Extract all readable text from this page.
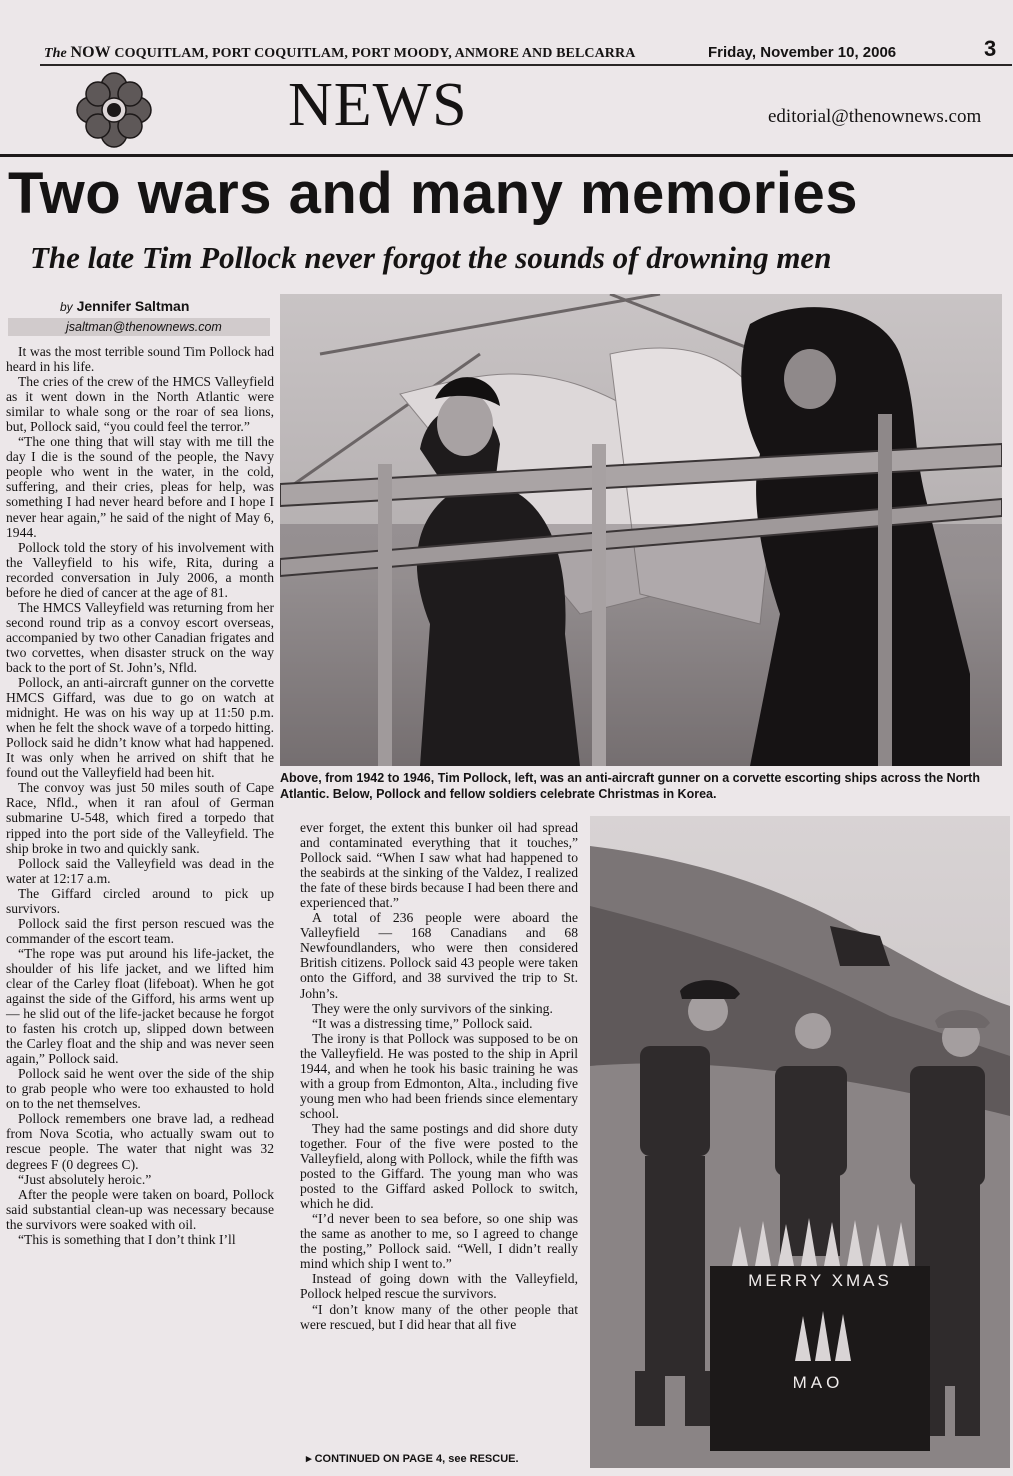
The NOW COQUITLAM, PORT COQUITLAM, PORT MOODY, ANMORE AND BELCARRA	Friday, November 10, 2006	3
NEWS	editorial@thenownews.com
Two wars and many memories
The late Tim Pollock never forgot the sounds of drowning men
by Jennifer Saltman
jsaltman@thenownews.com

It was the most terrible sound Tim Pollock had heard in his life.

The cries of the crew of the HMCS Valleyfield as it went down in the North Atlantic were similar to whale song or the roar of sea lions, but, Pollock said, “you could feel the terror.”

“The one thing that will stay with me till the day I die is the sound of the people, the Navy people who went in the water, in the cold, suffering, and their cries, pleas for help, was something I had never heard before and I hope I never hear again,” he said of the night of May 6, 1944.

Pollock told the story of his involvement with the Valleyfield to his wife, Rita, during a recorded conversation in July 2006, a month before he died of cancer at the age of 81.

The HMCS Valleyfield was returning from her second round trip as a convoy escort overseas, accompanied by two other Canadian frigates and two corvettes, when disaster struck on the way back to the port of St. John’s, Nfld.

Pollock, an anti-aircraft gunner on the corvette HMCS Giffard, was due to go on watch at midnight. He was on his way up at 11:50 p.m. when he felt the shock wave of a torpedo hitting. Pollock said he didn’t know what had happened. It was only when he arrived on shift that he found out the Valleyfield had been hit.

The convoy was just 50 miles south of Cape Race, Nfld., when it ran afoul of German submarine U-548, which fired a torpedo that ripped into the port side of the Valleyfield. The ship broke in two and quickly sank.

Pollock said the Valleyfield was dead in the water at 12:17 a.m.

The Giffard circled around to pick up survivors.

Pollock said the first person rescued was the commander of the escort team.

“The rope was put around his life-jacket, the shoulder of his life jacket, and we lifted him clear of the Carley float (lifeboat). When he got against the side of the Gifford, his arms went up — he slid out of the life-jacket because he forgot to fasten his crotch up, slipped down between the Carley float and the ship and was never seen again,” Pollock said.

Pollock said he went over the side of the ship to grab people who were too exhausted to hold on to the net themselves.

Pollock remembers one brave lad, a redhead from Nova Scotia, who actually swam out to rescue people. The water that night was 32 degrees F (0 degrees C).

“Just absolutely heroic.”

After the people were taken on board, Pollock said substantial clean-up was necessary because the survivors were soaked with oil.

“This is something that I don’t think I’ll

Above, from 1942 to 1946, Tim Pollock, left, was an anti-aircraft gunner on a corvette escorting ships across the North Atlantic. Below, Pollock and fellow soldiers celebrate Christmas in Korea.

ever forget, the extent this bunker oil had spread and contaminated everything that it touches,” Pollock said. “When I saw what had happened to the seabirds at the sinking of the Valdez, I realized the fate of these birds because I had been there and experienced that.”

A total of 236 people were aboard the Valleyfield — 168 Canadians and 68 Newfoundlanders, who were then considered British citizens. Pollock said 43 people were taken onto the Gifford, and 38 survived the trip to St. John’s.

They were the only survivors of the sinking.

“It was a distressing time,” Pollock said.

The irony is that Pollock was supposed to be on the Valleyfield. He was posted to the ship in April 1944, and when he took his basic training he was with a group from Edmonton, Alta., including five young men who had been friends since elementary school.

They had the same postings and did shore duty together. Four of the five were posted to the Valleyfield, along with Pollock, while the fifth was posted to the Giffard. The young man who was posted to the Giffard asked Pollock to switch, which he did.

“I’d never been to sea before, so one ship was the same as another to me, so I agreed to change the posting,” Pollock said. “Well, I didn’t really mind which ship I went to.”

Instead of going down with the Valleyfield, Pollock helped rescue the survivors.

“I don’t know many of the other people that were rescued, but I did hear that all five

MERRY XMAS
MAO
▸ CONTINUED ON PAGE 4, see RESCUE.
